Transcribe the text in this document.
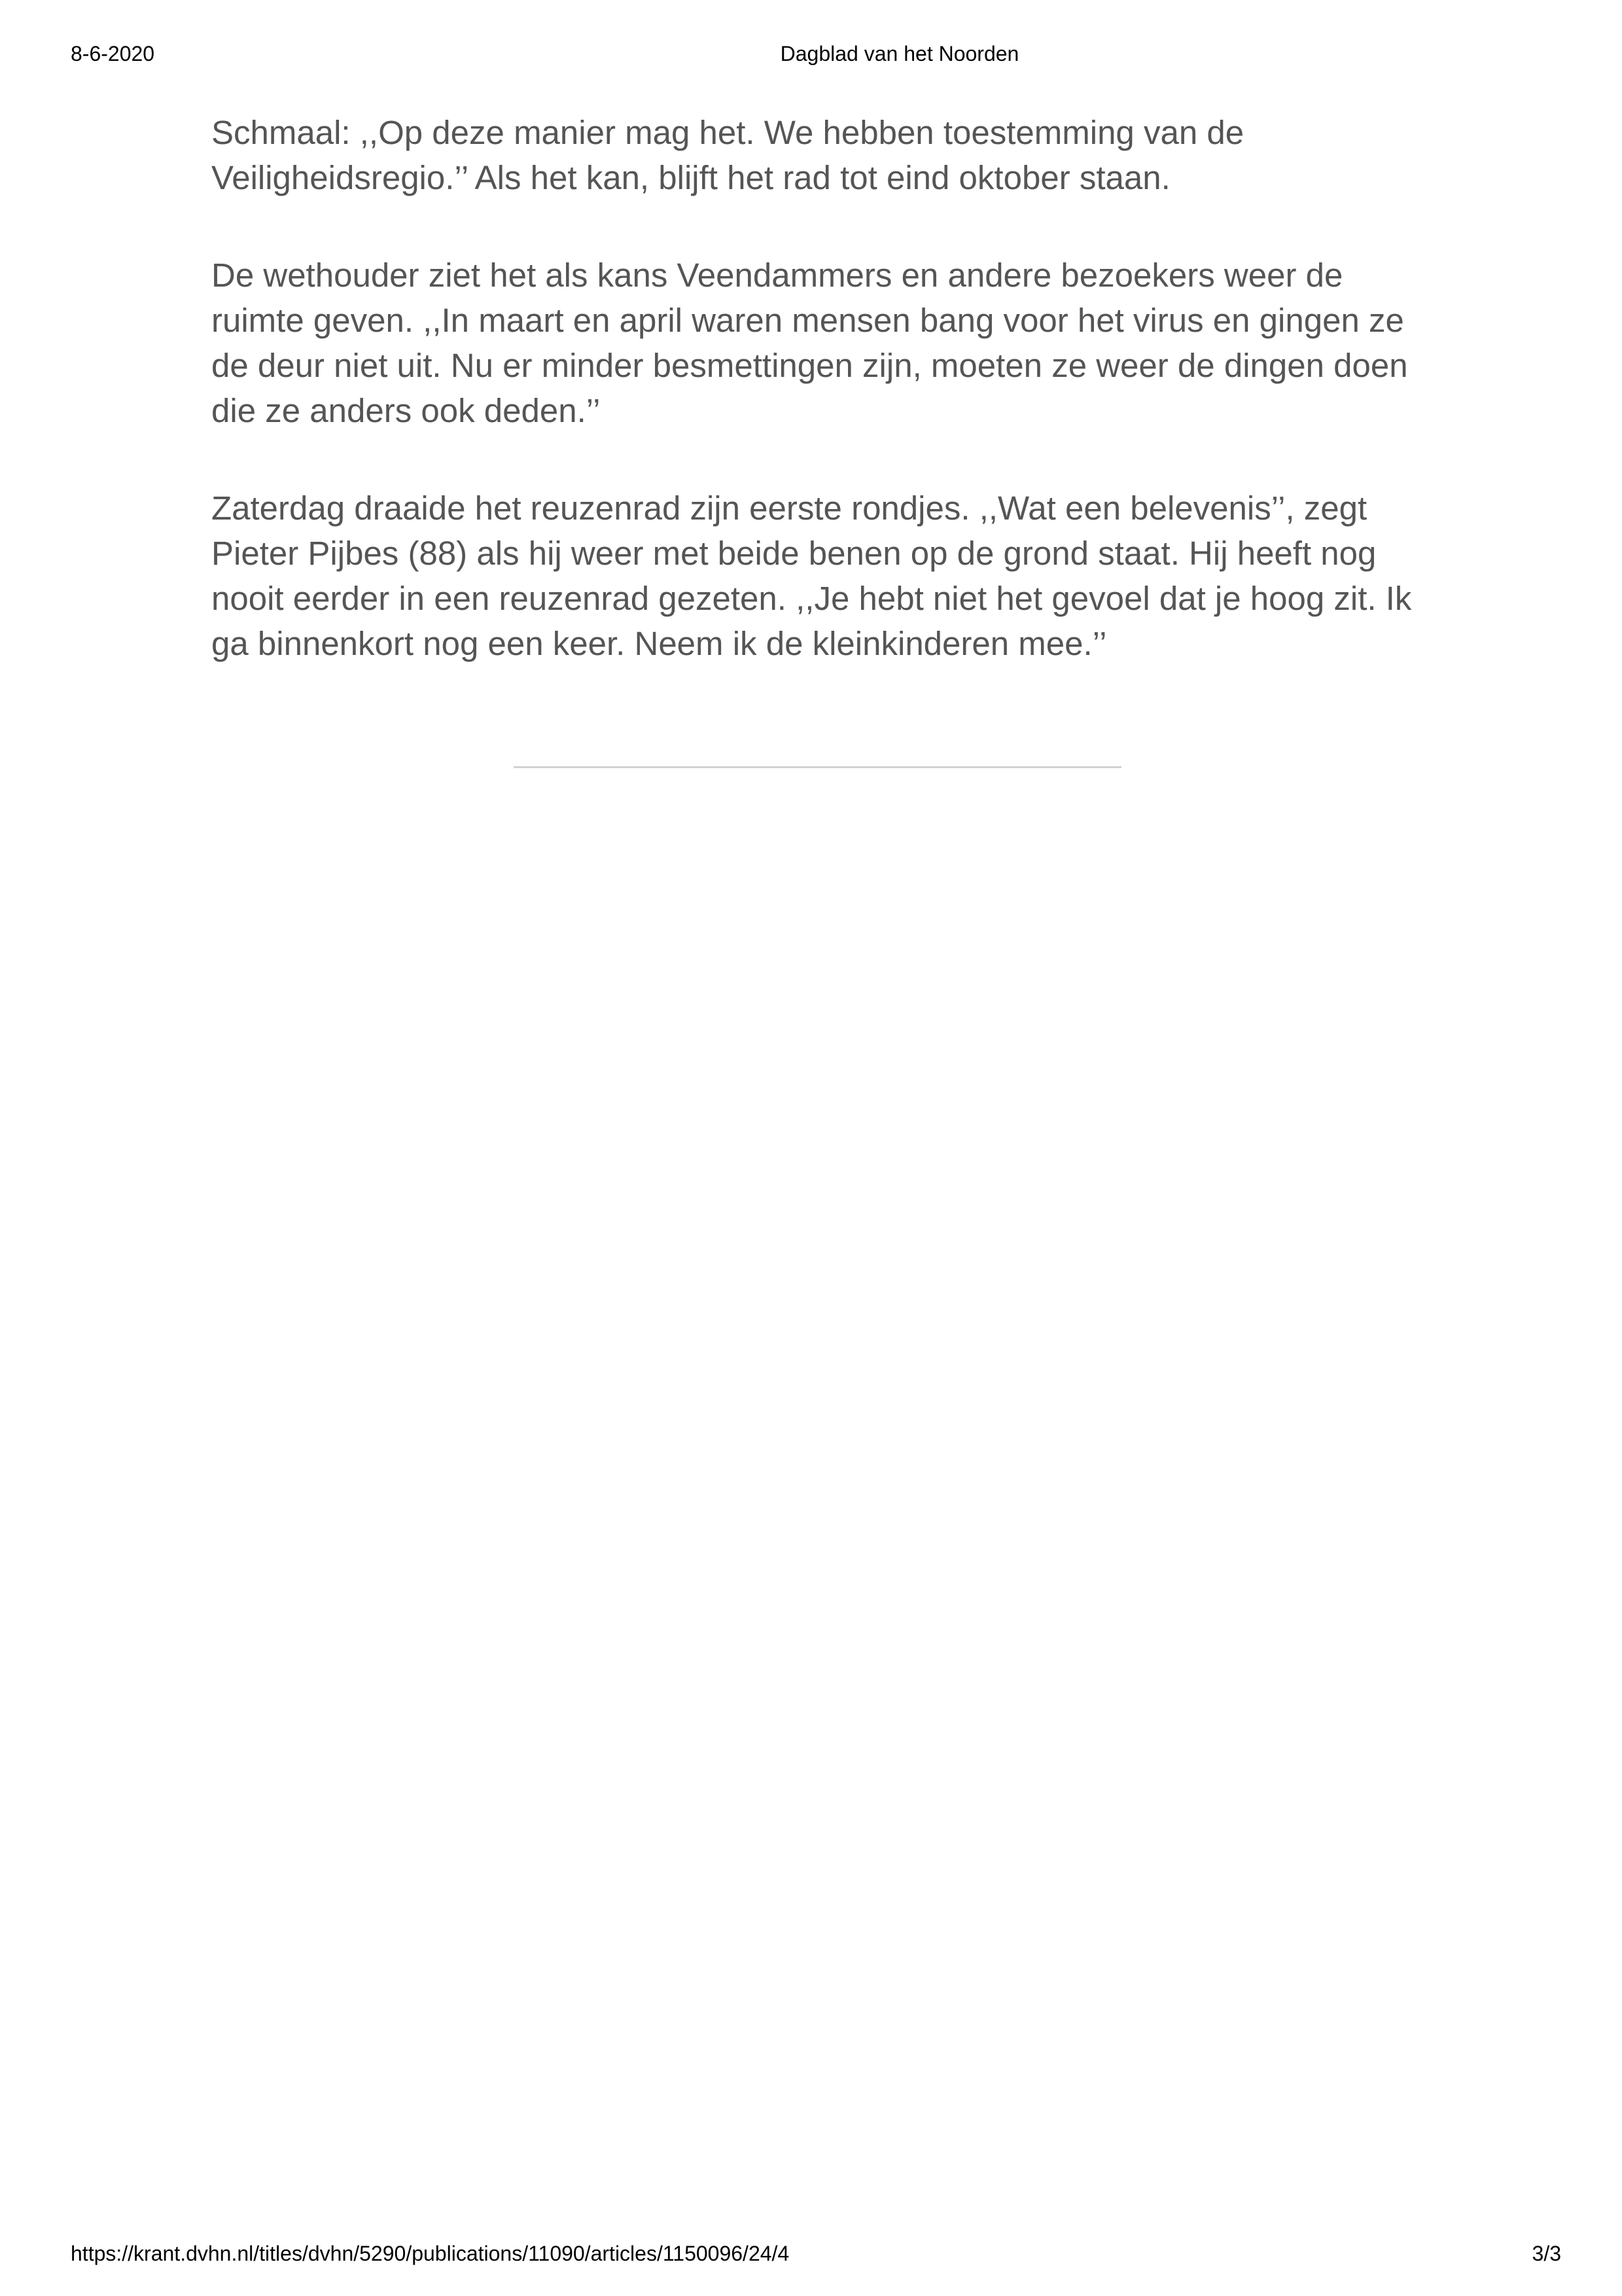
8-6-2020	Dagblad van het Noorden

Schmaal: ,,Op deze manier mag het. We hebben toestemming van de Veiligheidsregio.’’ Als het kan, blijft het rad tot eind oktober staan.

De wethouder ziet het als kans Veendammers en andere bezoekers weer de ruimte geven. ,,In maart en april waren mensen bang voor het virus en gingen ze de deur niet uit. Nu er minder besmettingen zijn, moeten ze weer de dingen doen die ze anders ook deden.’’

Zaterdag draaide het reuzenrad zijn eerste rondjes. ,,Wat een belevenis’’, zegt Pieter Pijbes (88) als hij weer met beide benen op de grond staat. Hij heeft nog nooit eerder in een reuzenrad gezeten. ,,Je hebt niet het gevoel dat je hoog zit. Ik ga binnenkort nog een keer. Neem ik de kleinkinderen mee.’’

https://krant.dvhn.nl/titles/dvhn/5290/publications/11090/articles/1150096/24/4	3/3
